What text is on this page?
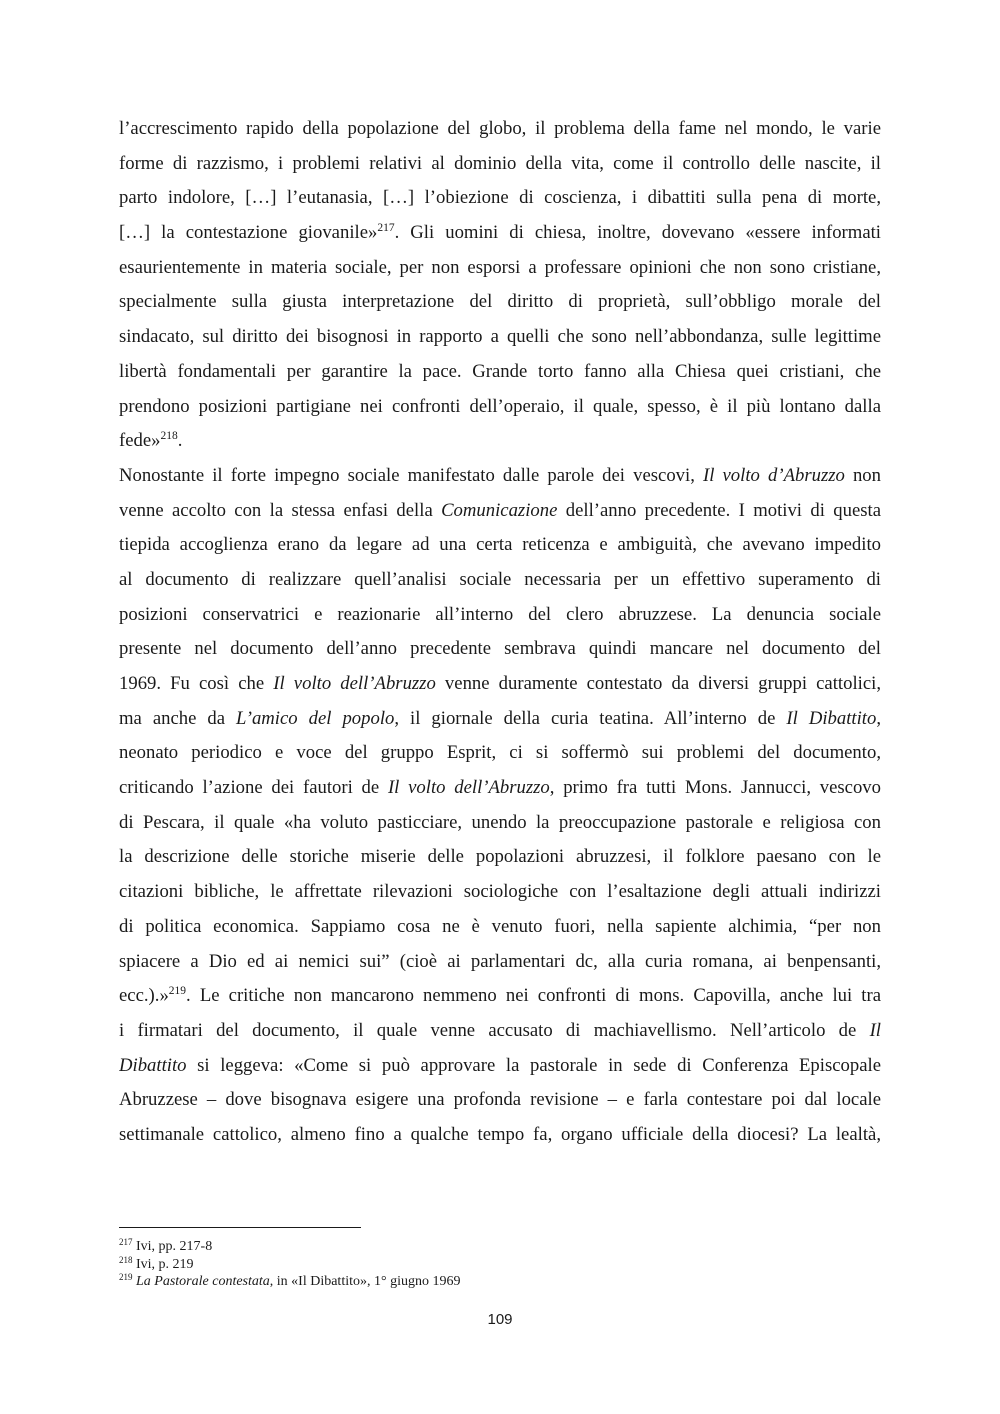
l’accrescimento rapido della popolazione del globo, il problema della fame nel mondo, le varie
forme di razzismo, i problemi relativi al dominio della vita, come il controllo delle nascite, il
parto indolore, […] l’eutanasia, […] l’obiezione di coscienza, i dibattiti sulla pena di morte,
[…] la contestazione giovanile»$^{217}$. Gli uomini di chiesa, inoltre, dovevano «essere informati
esaurientemente in materia sociale, per non esporsi a professare opinioni che non sono cristiane,
specialmente sulla giusta interpretazione del diritto di proprietà, sull’obbligo morale del
sindacato, sul diritto dei bisognosi in rapporto a quelli che sono nell’abbondanza, sulle legittime
libertà fondamentali per garantire la pace. Grande torto fanno alla Chiesa quei cristiani, che
prendono posizioni partigiane nei confronti dell’operaio, il quale, spesso, è il più lontano dalla
fede»$^{218}$.
Nonostante il forte impegno sociale manifestato dalle parole dei vescovi, Il volto d’Abruzzo non
venne accolto con la stessa enfasi della Comunicazione dell’anno precedente. I motivi di questa
tiepida accoglienza erano da legare ad una certa reticenza e ambiguità, che avevano impedito
al documento di realizzare quell’analisi sociale necessaria per un effettivo superamento di
posizioni conservatrici e reazionarie all’interno del clero abruzzese. La denuncia sociale
presente nel documento dell’anno precedente sembrava quindi mancare nel documento del
1969. Fu così che Il volto dell’Abruzzo venne duramente contestato da diversi gruppi cattolici,
ma anche da L’amico del popolo, il giornale della curia teatina. All’interno de Il Dibattito,
neonato periodico e voce del gruppo Esprit, ci si soffermò sui problemi del documento,
criticando l’azione dei fautori de Il volto dell’Abruzzo, primo fra tutti Mons. Jannucci, vescovo
di Pescara, il quale «ha voluto pasticciare, unendo la preoccupazione pastorale e religiosa con
la descrizione delle storiche miserie delle popolazioni abruzzesi, il folklore paesano con le
citazioni bibliche, le affrettate rilevazioni sociologiche con l’esaltazione degli attuali indirizzi
di politica economica. Sappiamo cosa ne è venuto fuori, nella sapiente alchimia, “per non
spiacere a Dio ed ai nemici sui” (cioè ai parlamentari dc, alla curia romana, ai benpensanti,
ecc.).»$^{219}$. Le critiche non mancarono nemmeno nei confronti di mons. Capovilla, anche lui tra
i firmatari del documento, il quale venne accusato di machiavellismo. Nell’articolo de Il
Dibattito si leggeva: «Come si può approvare la pastorale in sede di Conferenza Episcopale
Abruzzese – dove bisognava esigere una profonda revisione – e farla contestare poi dal locale
settimanale cattolico, almeno fino a qualche tempo fa, organo ufficiale della diocesi? La lealtà,
$^{217}$ Ivi, pp. 217-8
$^{218}$ Ivi, p. 219
$^{219}$ La Pastorale contestata, in «Il Dibattito», 1° giugno 1969
109
